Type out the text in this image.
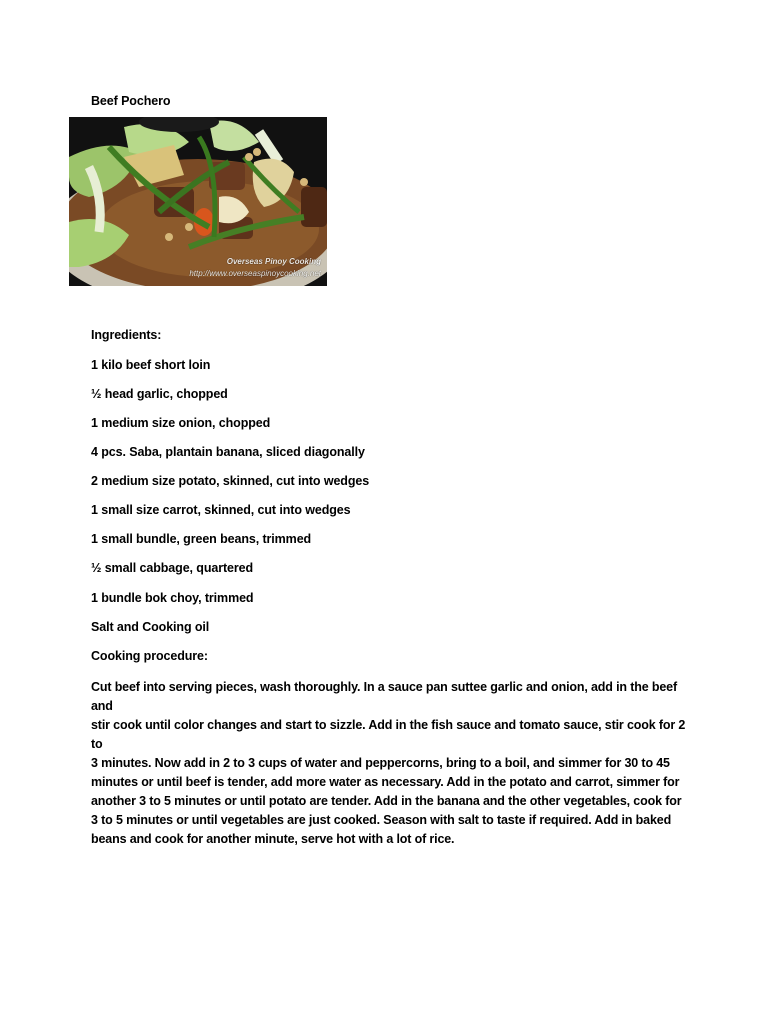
Beef Pochero
Overseas Pinoy Cooking
http://www.overseaspinoycooking.net
Ingredients:
1 kilo beef short loin
½ head garlic, chopped
1 medium size onion, chopped
4 pcs. Saba, plantain banana, sliced diagonally
2 medium size potato, skinned, cut into wedges
1 small size carrot, skinned, cut into wedges
1 small bundle, green beans, trimmed
½ small cabbage, quartered
1 bundle bok choy, trimmed
Salt and Cooking oil
Cooking procedure:
Cut beef into serving pieces, wash thoroughly. In a sauce pan suttee garlic and onion, add in the beef and
stir cook until color changes and start to sizzle. Add in the fish sauce and tomato sauce, stir cook for 2 to
3 minutes. Now add in 2 to 3 cups of water and peppercorns, bring to a boil, and simmer for 30 to 45
minutes or until beef is tender, add more water as necessary. Add in the potato and carrot, simmer for
another 3 to 5 minutes or until potato are tender. Add in the banana and the other vegetables, cook for
3 to 5 minutes or until vegetables are just cooked. Season with salt to taste if required. Add in baked
beans and cook for another minute, serve hot with a lot of rice.
